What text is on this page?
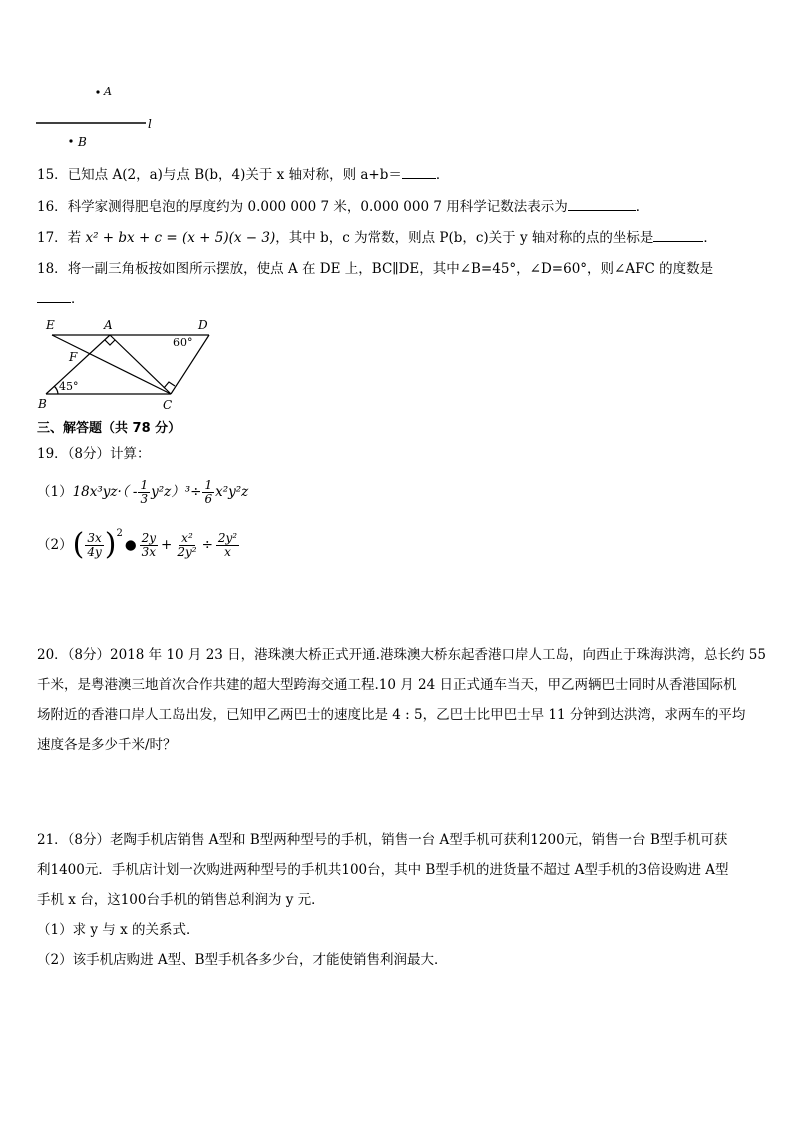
A
B
l
15．已知点 A(2，a)与点 B(b，4)关于 x 轴对称，则 a+b＝	．
16．科学家测得肥皂泡的厚度约为 0.000 000 7 米，0.000 000 7 用科学记数法表示为	．
17．若 x² + bx + c = (x + 5)(x − 3)，其中 b，c 为常数，则点 P(b，c)关于 y 轴对称的点的坐标是	．
18．将一副三角板按如图所示摆放，使点 A 在 DE 上，BC∥DE，其中∠B=45°，∠D=60°，则∠AFC 的度数是
．
E	A	D
F
B	C
60°
45°
三、解答题（共 78 分）
19．（8分）计算：
（1） $18x^3yz\cdot( - \frac{1}{3} y^2z)^3\div \frac{1}{6} x^2y^2z$
（2） ( $\frac{3x}{4y}$ ) 2
● $\frac{2y}{3x} + \frac{\text{x²}}{\text{2y²}} \div \frac{\text{2y²}}{x}$
20．（8分）2018 年 10 月 23 日，港珠澳大桥正式开通.港珠澳大桥东起香港口岸人工岛，向西止于珠海洪湾，总长约 55
千米，是粤港澳三地首次合作共建的超大型跨海交通工程.10 月 24 日正式通车当天，甲乙两辆巴士同时从香港国际机
场附近的香港口岸人工岛出发，已知甲乙两巴士的速度比是 4 : 5，乙巴士比甲巴士早 11 分钟到达洪湾，求两车的平均
速度各是多少千米/时？
21．（8分）老陶手机店销售 A型和 B型两种型号的手机，销售一台 A型手机可获利1200元，销售一台 B型手机可获
利1400元．手机店计划一次购进两种型号的手机共100台，其中 B型手机的进货量不超过 A型手机的3倍设购进 A型
手机 x 台，这100台手机的销售总利润为 y 元．
（1）求 y 与 x 的关系式．
（2）该手机店购进 A型、B型手机各多少台，才能使销售利润最大．
